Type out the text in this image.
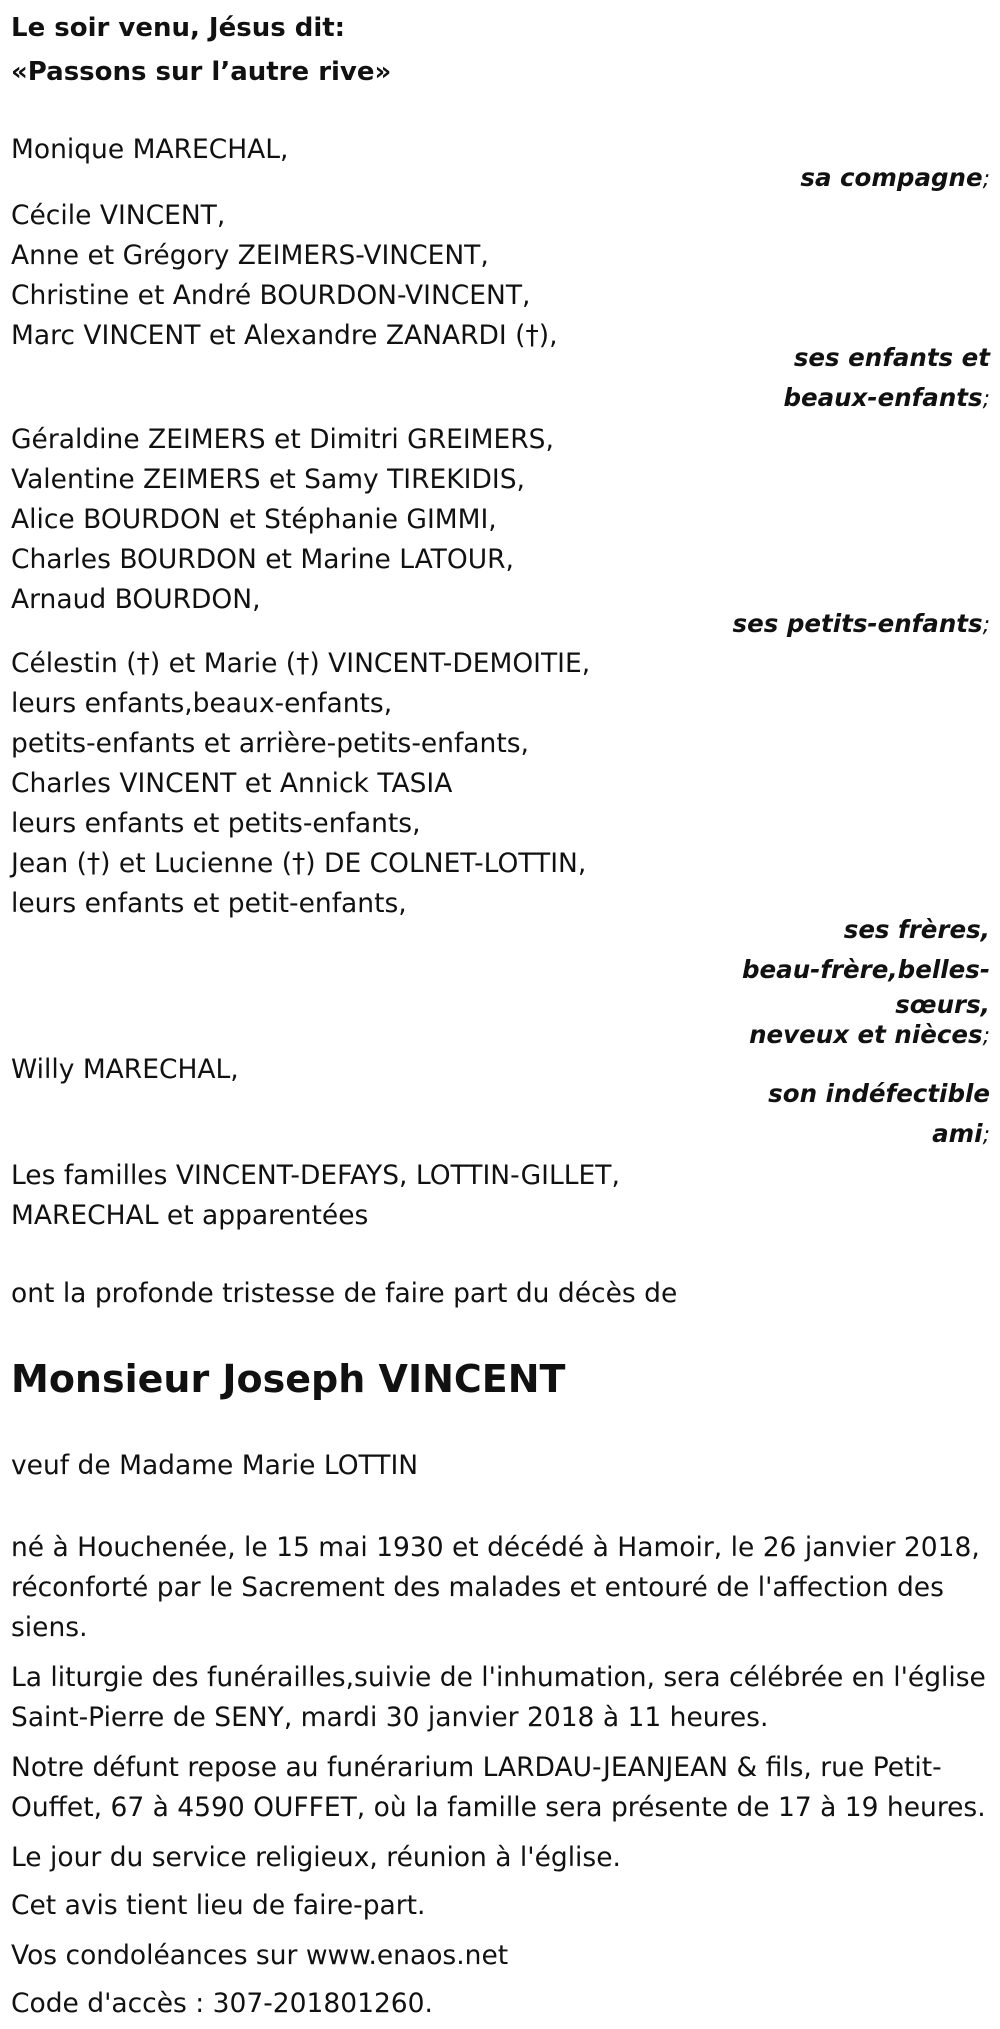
Le soir venu, Jésus dit:
«Passons sur l’autre rive»
Monique MARECHAL,
sa compagne;
Cécile VINCENT,
Anne et Grégory ZEIMERS-VINCENT,
Christine et André BOURDON-VINCENT,
Marc VINCENT et Alexandre ZANARDI (†),
ses enfants et
beaux-enfants;
Géraldine ZEIMERS et Dimitri GREIMERS,
Valentine ZEIMERS et Samy TIREKIDIS,
Alice BOURDON et Stéphanie GIMMI,
Charles BOURDON et Marine LATOUR,
Arnaud BOURDON,
ses petits-enfants;
Célestin (†) et Marie (†) VINCENT-DEMOITIE,
leurs enfants,beaux-enfants,
petits-enfants et arrière-petits-enfants,
Charles VINCENT et Annick TASIA
leurs enfants et petits-enfants,
Jean (†) et Lucienne (†) DE COLNET-LOTTIN,
leurs enfants et petit-enfants,
ses frères,
beau-frère,belles-
sœurs,
neveux et nièces;
Willy MARECHAL,
son indéfectible
ami;
Les familles VINCENT-DEFAYS, LOTTIN-GILLET,
MARECHAL et apparentées
ont la profonde tristesse de faire part du décès de
Monsieur Joseph VINCENT
veuf de Madame Marie LOTTIN
né à Houchenée, le 15 mai 1930 et décédé à Hamoir, le 26 janvier 2018, réconforté par le Sacrement des malades et entouré de l'affection des siens.
La liturgie des funérailles,suivie de l'inhumation, sera célébrée en l'église Saint-Pierre de SENY, mardi 30 janvier 2018 à 11 heures.
Notre défunt repose au funérarium LARDAU-JEANJEAN & fils, rue Petit-Ouffet, 67 à 4590 OUFFET, où la famille sera présente de 17 à 19 heures.
Le jour du service religieux, réunion à l'église.
Cet avis tient lieu de faire-part.
Vos condoléances sur www.enaos.net
Code d'accès : 307-201801260.
